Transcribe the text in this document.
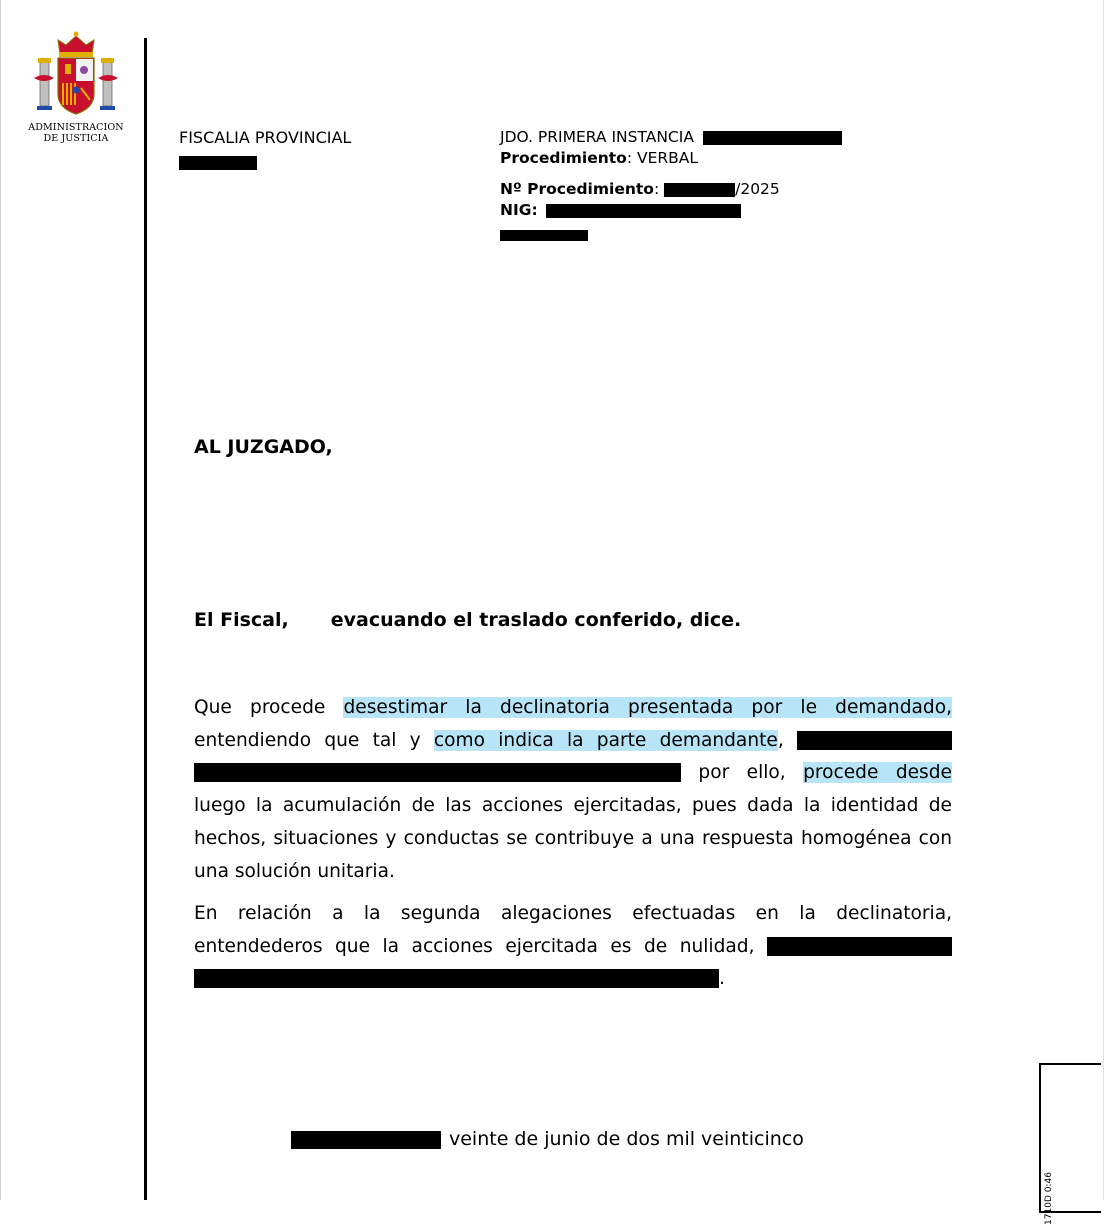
ADMINISTRACION
DE JUSTICIA	FISCALIA PROVINCIAL	JDO. PRIMERA INSTANCIA
Procedimiento: VERBAL
Nº Procedimiento:	/2025
NIG:
AL JUZGADO,
El Fiscal, evacuando el traslado conferido, dice.
Que procede desestimar la declinatoria presentada por le demandado, entendiendo que tal y como indica la parte demandante,   por ello, procede desde luego la acumulación de las acciones ejercitadas, pues dada la identidad de hechos, situaciones y conductas se contribuye a una respuesta homogénea con una solución unitaria.
En relación a la segunda alegaciones efectuadas en la declinatoria, entendederos que la acciones ejercitada es de nulidad,  .
veinte de junio de dos mil veinticinco
1710D 0:46
